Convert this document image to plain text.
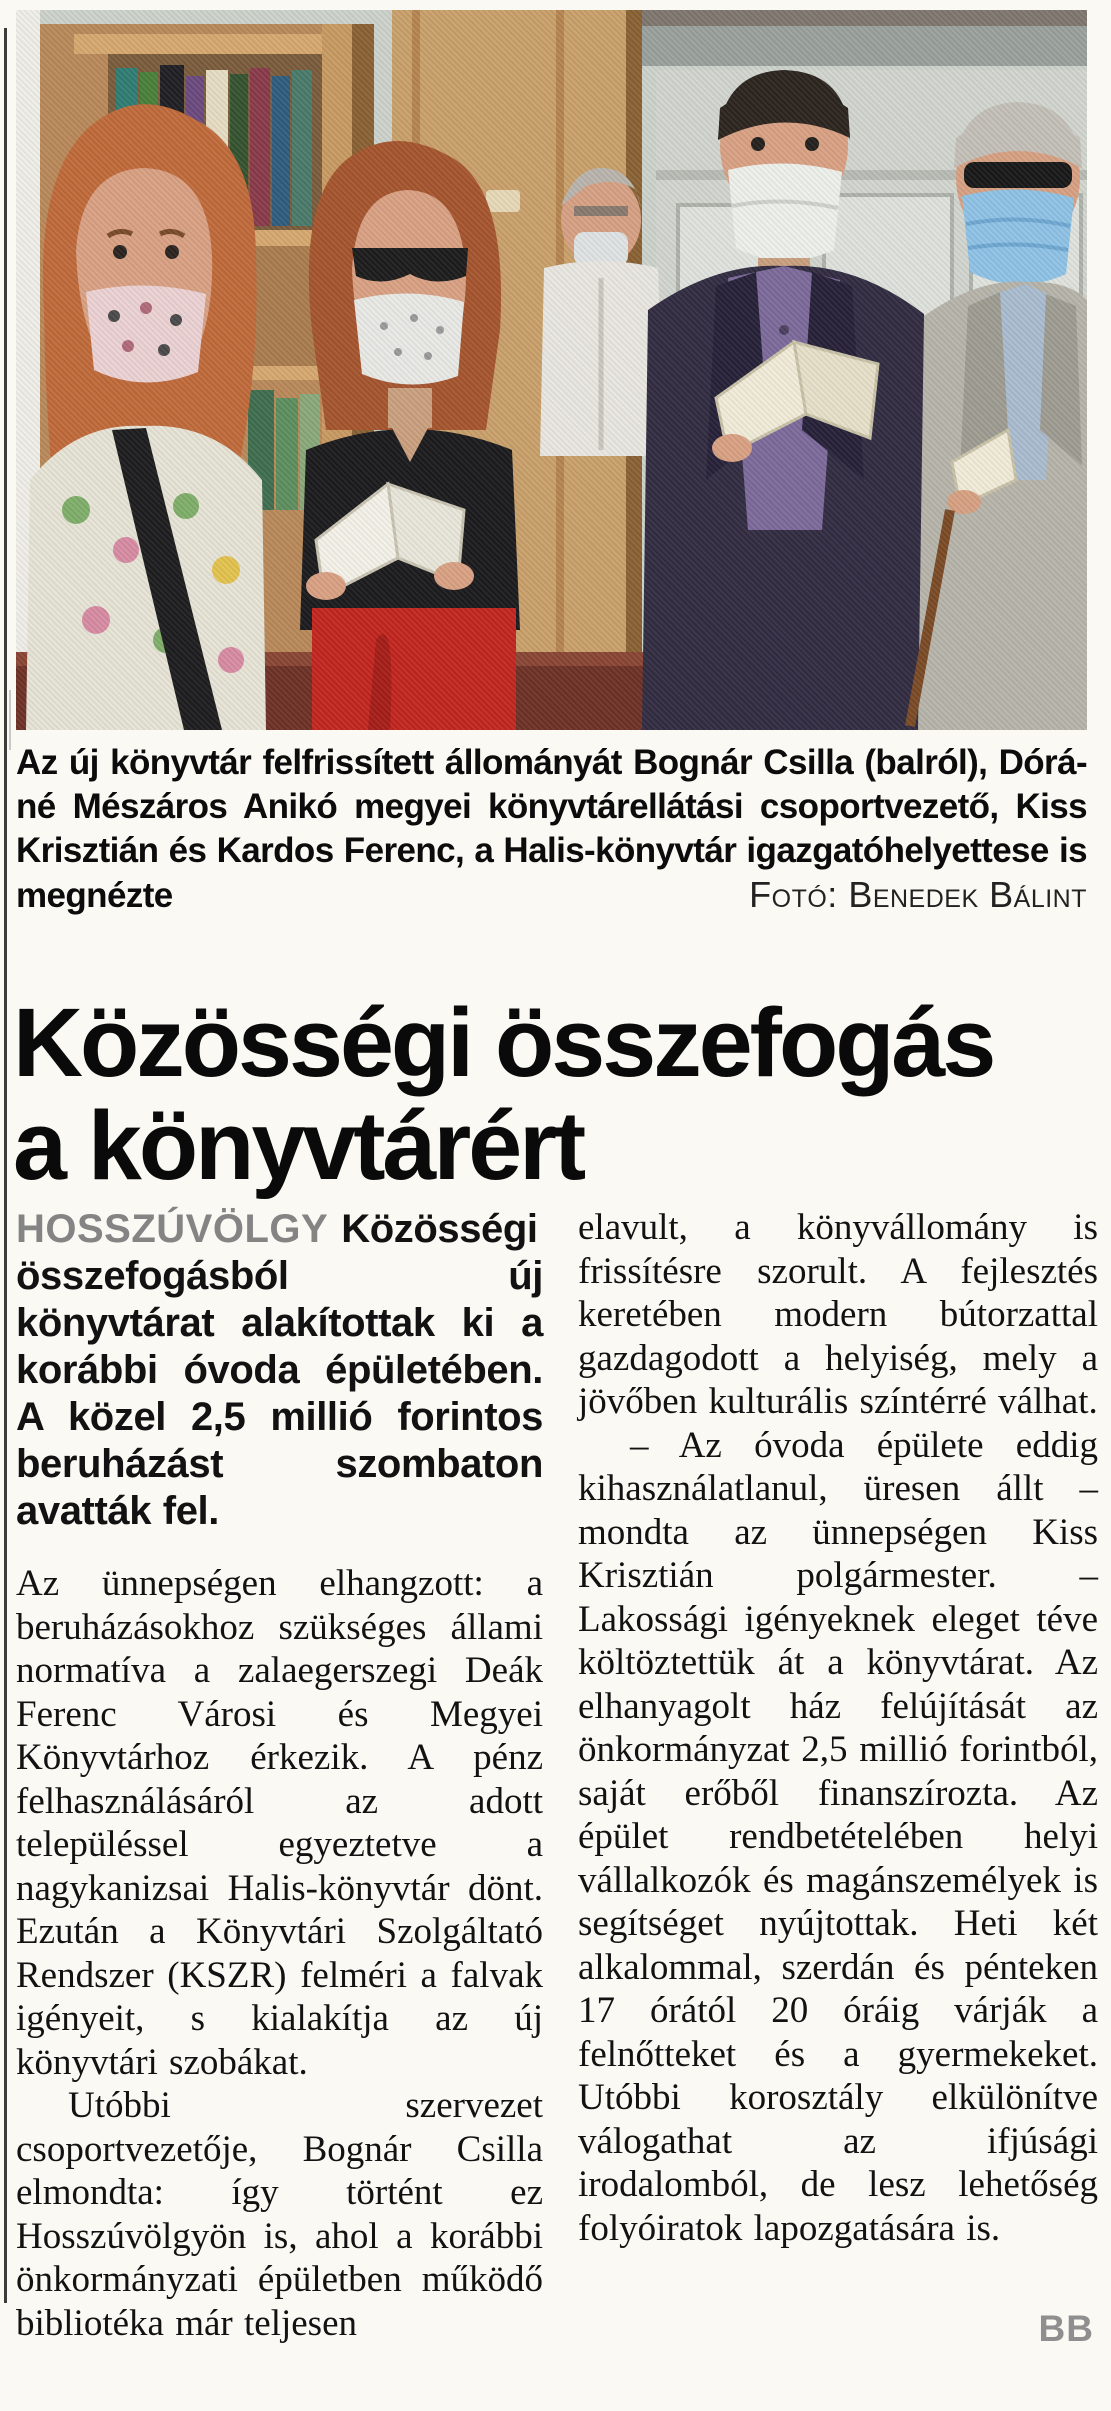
Az új könyvtár felfrissített állományát Bognár Csilla (balról), Dórá-
né Mészáros Anikó megyei könyvtárellátási csoportvezető, Kiss
Krisztián és Kardos Ferenc, a Halis-könyvtár igazgatóhelyettese is
megnézte	Fotó: Benedek Bálint
Közösségi összefogás
a könyvtárért

HOSSZÚVÖLGY Közösségi összefogásból új könyvtárat alakítottak ki a korábbi óvoda épületében. A közel 2,5 millió forintos beruházást szombaton avatták fel.

Az ünnepségen elhangzott: a beruházásokhoz szükséges állami normatíva a zalaegerszegi Deák Ferenc Városi és Megyei Könyvtárhoz érkezik. A pénz felhasználásáról az adott településsel egyeztetve a nagykanizsai Halis-könyvtár dönt. Ezután a Könyvtári Szolgáltató Rendszer (KSZR) felméri a falvak igényeit, s kialakítja az új könyvtári szobákat.

Utóbbi szervezet csoportvezetője, Bognár Csilla elmondta: így történt ez Hosszúvölgyön is, ahol a korábbi önkormányzati épületben működő bibliotéka már teljesen

elavult, a könyvállomány is frissítésre szorult. A fejlesztés keretében modern bútorzattal gazdagodott a helyiség, mely a jövőben kulturális színtérré válhat.

– Az óvoda épülete eddig kihasználatlanul, üresen állt – mondta az ünnepségen Kiss Krisztián polgármester. – Lakossági igényeknek eleget téve költöztettük át a könyvtárat. Az elhanyagolt ház felújítását az önkormányzat 2,5 millió forintból, saját erőből finanszírozta. Az épület rendbetételében helyi vállalkozók és magánszemélyek is segítséget nyújtottak. Heti két alkalommal, szerdán és pénteken 17 órától 20 óráig várják a felnőtteket és a gyermekeket. Utóbbi korosztály elkülönítve válogathat az ifjúsági irodalomból, de lesz lehetőség folyóiratok lapozgatására is.

BB
